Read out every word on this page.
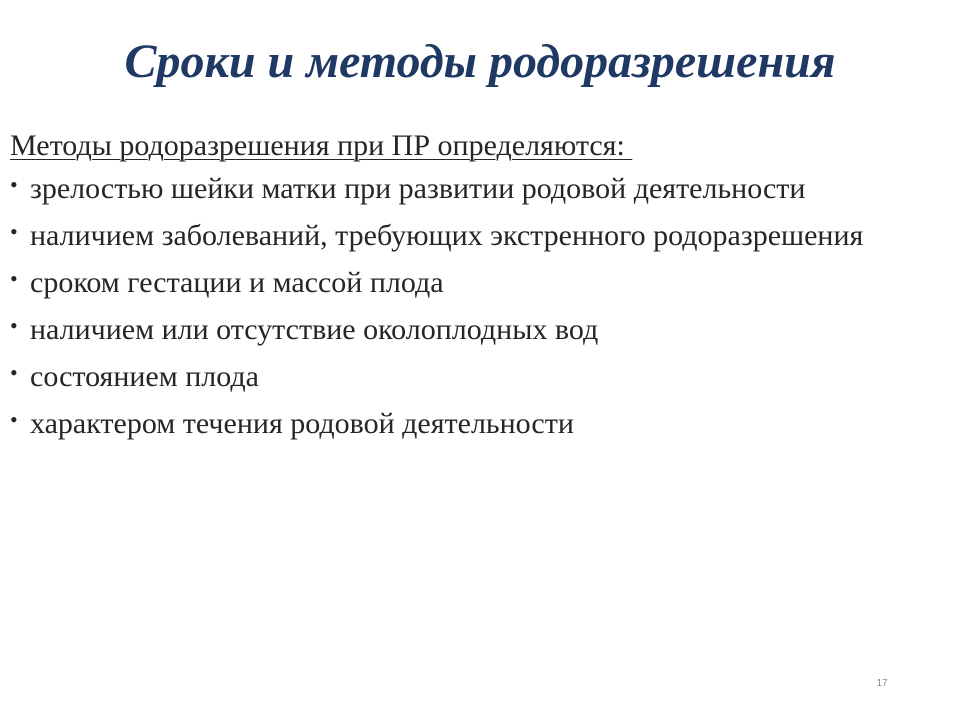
Сроки и методы родоразрешения
Методы родоразрешения при ПР определяются:
• зрелостью шейки матки при развитии родовой деятельности
• наличием заболеваний, требующих экстренного родоразрешения
• сроком гестации и массой плода
• наличием или отсутствие околоплодных вод
• состоянием плода
• характером течения родовой деятельности
17
